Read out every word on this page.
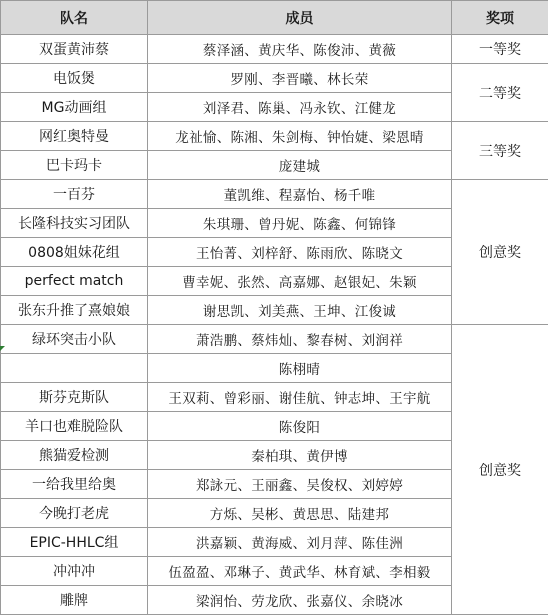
队名	成员	奖项
双蛋黄沛蔡	蔡泽涵、黄庆华、陈俊沛、黄薇	一等奖
电饭煲	罗刚、李晋曦、林长荣	二等奖
MG动画组	刘泽君、陈巢、冯永钦、江健龙	
网红奥特曼	龙祉愉、陈湘、朱剑梅、钟怡婕、梁恩晴	三等奖
巴卡玛卡	庞建城	
一百芬	董凯维、程嘉怡、杨千唯	创意奖
长隆科技实习团队	朱琪珊、曾丹妮、陈鑫、何锦锋	
0808姐妹花组	王怡菁、刘梓舒、陈雨欣、陈晓文	
perfect match	曹幸妮、张然、高嘉娜、赵银妃、朱颖	
张东升推了熹娘娘	谢思凯、刘美燕、王坤、江俊诚	
绿环突击小队	萧浩鹏、蔡炜灿、黎春树、刘润祥	创意奖
	陈栩晴	
斯芬克斯队	王双莉、曾彩丽、谢佳航、钟志坤、王宇航	
羊口也难脱险队	陈俊阳	
熊猫爱检测	秦柏琪、黄伊博	
一给我里给奥	郑詠元、王丽鑫、吴俊权、刘婷婷	
今晚打老虎	方烁、吴彬、黄思思、陆建邦	
EPIC-HHLC组	洪嘉颖、黄海威、刘月萍、陈佳洲	
冲冲冲	伍盈盈、邓琳子、黄武华、林育斌、李相毅	
雕牌	梁润怡、劳龙欣、张嘉仪、余晓冰	
